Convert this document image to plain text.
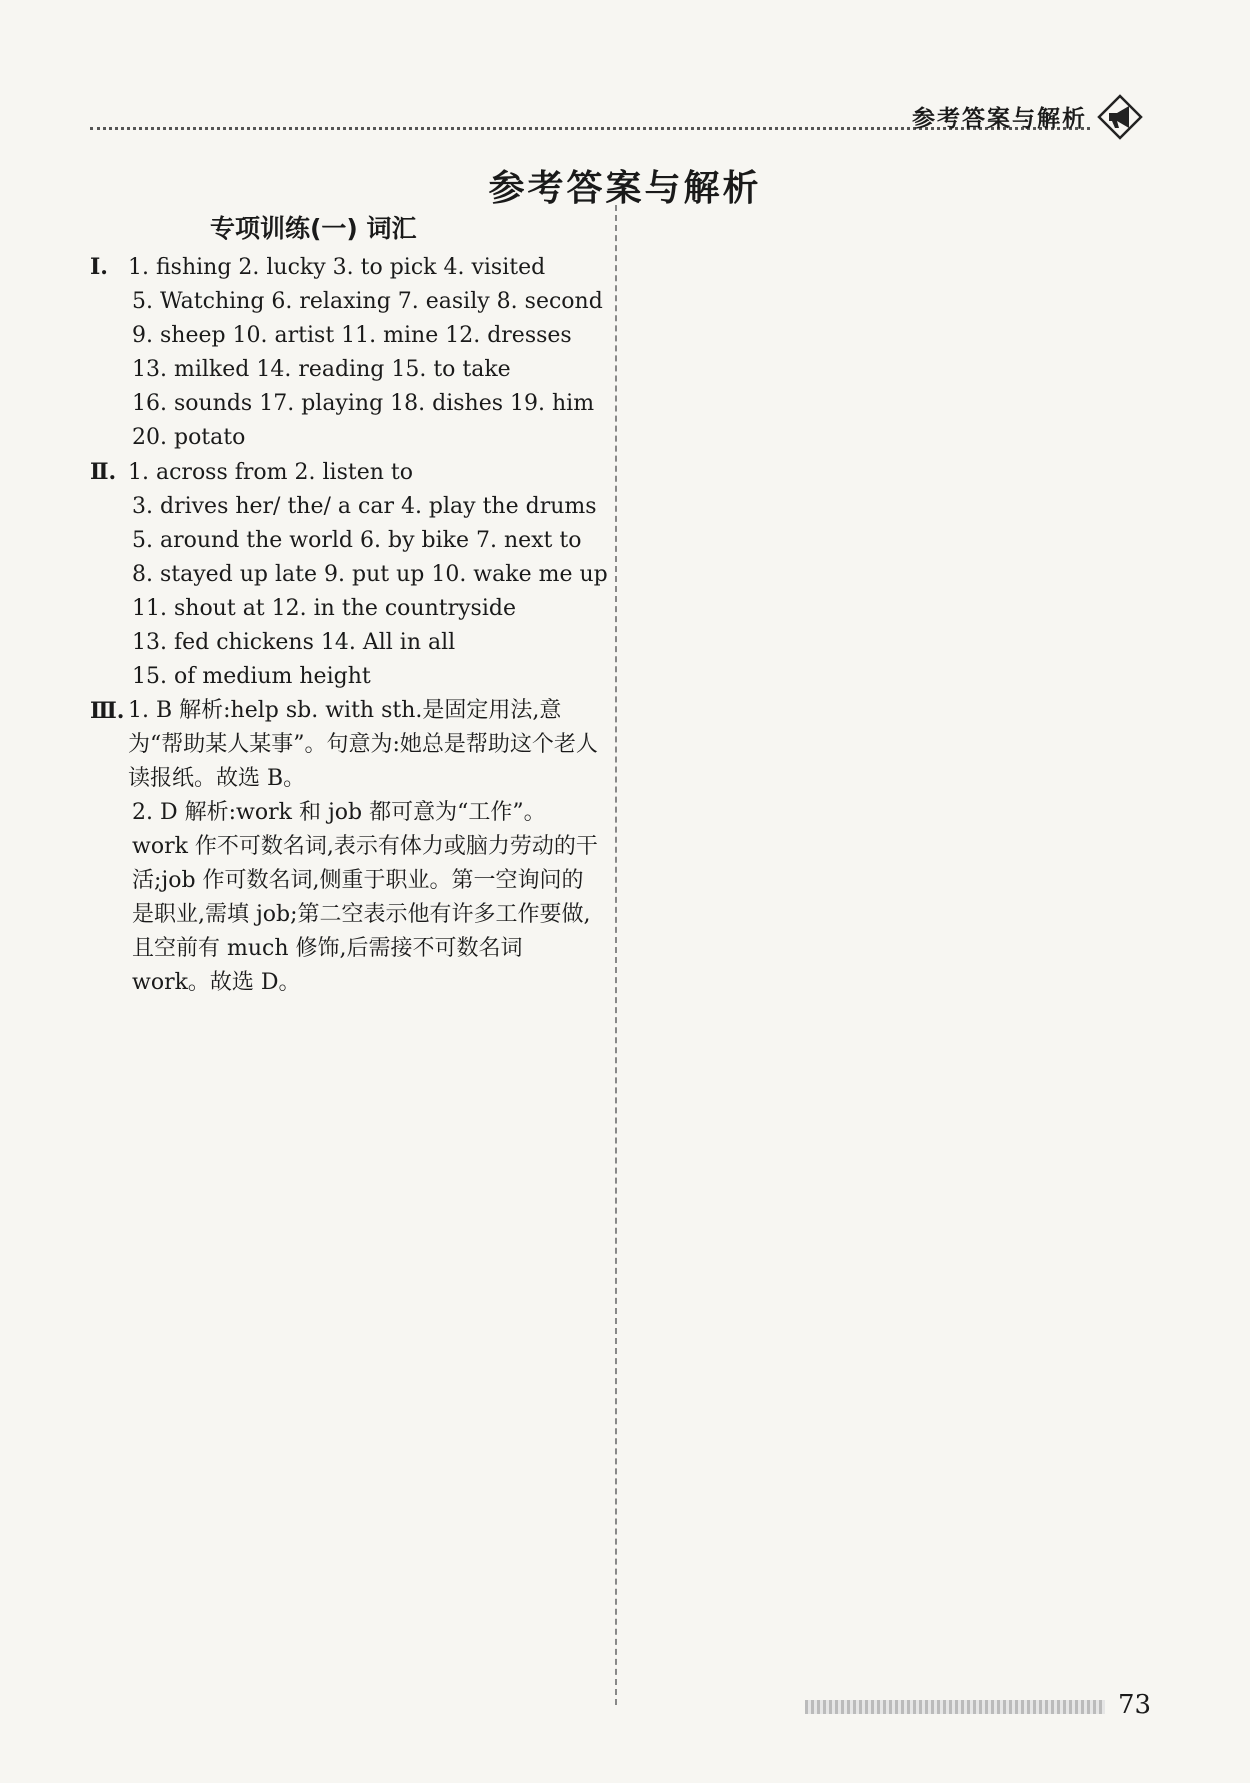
参考答案与解析
参考答案与解析
专项训练(一) 词汇
Ⅰ. 1. fishing 2. lucky 3. to pick 4. visited
5. Watching 6. relaxing 7. easily 8. second
9. sheep 10. artist 11. mine 12. dresses
13. milked 14. reading 15. to take
16. sounds 17. playing 18. dishes 19. him
20. potato
Ⅱ. 1. across from 2. listen to
3. drives her/ the/ a car 4. play the drums
5. around the world 6. by bike 7. next to
8. stayed up late 9. put up 10. wake me up
11. shout at 12. in the countryside
13. fed chickens 14. All in all
15. of medium height
Ⅲ. 1. B 解析:help sb. with sth.是固定用法,意为“帮助某人某事”。句意为:她总是帮助这个老人读报纸。故选 B。
2. D 解析:work 和 job 都可意为“工作”。work 作不可数名词,表示有体力或脑力劳动的干活;job 作可数名词,侧重于职业。第一空询问的是职业,需填 job;第二空表示他有许多工作要做,且空前有 much 修饰,后需接不可数名词 work。故选 D。
73
